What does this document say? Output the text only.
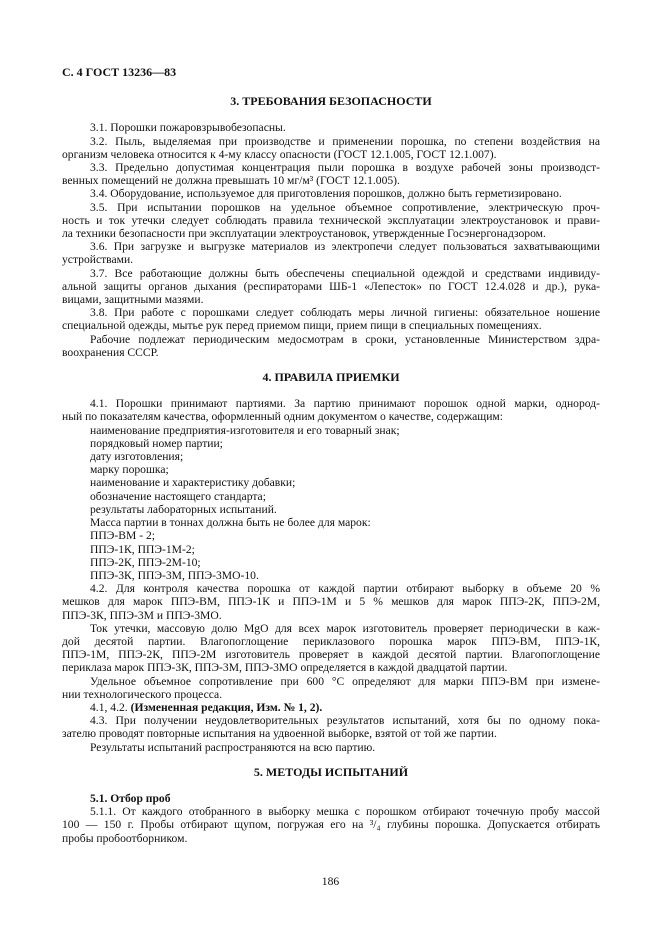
С. 4 ГОСТ 13236—83
3. ТРЕБОВАНИЯ БЕЗОПАСНОСТИ
3.1. Порошки пожаровзрывобезопасны.
3.2. Пыль, выделяемая при производстве и применении порошка, по степени воздействия на
организм человека относится к 4-му классу опасности (ГОСТ 12.1.005, ГОСТ 12.1.007).
3.3. Предельно допустимая концентрация пыли порошка в воздухе рабочей зоны производст-
венных помещений не должна превышать 10 мг/м³ (ГОСТ 12.1.005).
3.4. Оборудование, используемое для приготовления порошков, должно быть герметизировано.
3.5. При испытании порошков на удельное объемное сопротивление, электрическую проч-
ность и ток утечки следует соблюдать правила технической эксплуатации электроустановок и прави-
ла техники безопасности при эксплуатации электроустановок, утвержденные Госэнергонадзором.
3.6. При загрузке и выгрузке материалов из электропечи следует пользоваться захватывающими
устройствами.
3.7. Все работающие должны быть обеспечены специальной одеждой и средствами индивиду-
альной защиты органов дыхания (респираторами ШБ-1 «Лепесток» по ГОСТ 12.4.028 и др.), рука-
вицами, защитными мазями.
3.8. При работе с порошками следует соблюдать меры личной гигиены: обязательное ношение
специальной одежды, мытье рук перед приемом пищи, прием пищи в специальных помещениях.
Рабочие подлежат периодическим медосмотрам в сроки, установленные Министерством здра-
воохранения СССР.
4. ПРАВИЛА ПРИЕМКИ
4.1. Порошки принимают партиями. За партию принимают порошок одной марки, однород-
ный по показателям качества, оформленный одним документом о качестве, содержащим:
наименование предприятия-изготовителя и его товарный знак;
порядковый номер партии;
дату изготовления;
марку порошка;
наименование и характеристику добавки;
обозначение настоящего стандарта;
результаты лабораторных испытаний.
Масса партии в тоннах должна быть не более для марок:
ППЭ-ВМ - 2;
ППЭ-1К, ППЭ-1М-2;
ППЭ-2К, ППЭ-2М-10;
ППЭ-3К, ППЭ-3М, ППЭ-3МО-10.
4.2. Для контроля качества порошка от каждой партии отбирают выборку в объеме 20 %
мешков для марок ППЭ-ВМ, ППЭ-1К и ППЭ-1М и 5 % мешков для марок ППЭ-2К, ППЭ-2М,
ППЭ-3К, ППЭ-3М и ППЭ-3МО.
Ток утечки, массовую долю MgO для всех марок изготовитель проверяет периодически в каж-
дой десятой партии. Влагопоглощение периклазового порошка марок ППЭ-ВМ, ППЭ-1К,
ППЭ-1М, ППЭ-2К, ППЭ-2М изготовитель проверяет в каждой десятой партии. Влагопоглощение
периклаза марок ППЭ-3К, ППЭ-3М, ППЭ-3МО определяется в каждой двадцатой партии.
Удельное объемное сопротивление при 600 °С определяют для марки ППЭ-ВМ при измене-
нии технологического процесса.
4.1, 4.2. (Измененная редакция, Изм. № 1, 2).
4.3. При получении неудовлетворительных результатов испытаний, хотя бы по одному пока-
зателю проводят повторные испытания на удвоенной выборке, взятой от той же партии.
Результаты испытаний распространяются на всю партию.
5. МЕТОДЫ ИСПЫТАНИЙ
5.1. Отбор проб
5.1.1. От каждого отобранного в выборку мешка с порошком отбирают точечную пробу массой
100 — 150 г. Пробы отбирают щупом, погружая его на ³/₄ глубины порошка. Допускается отбирать
пробы пробоотборником.
186
